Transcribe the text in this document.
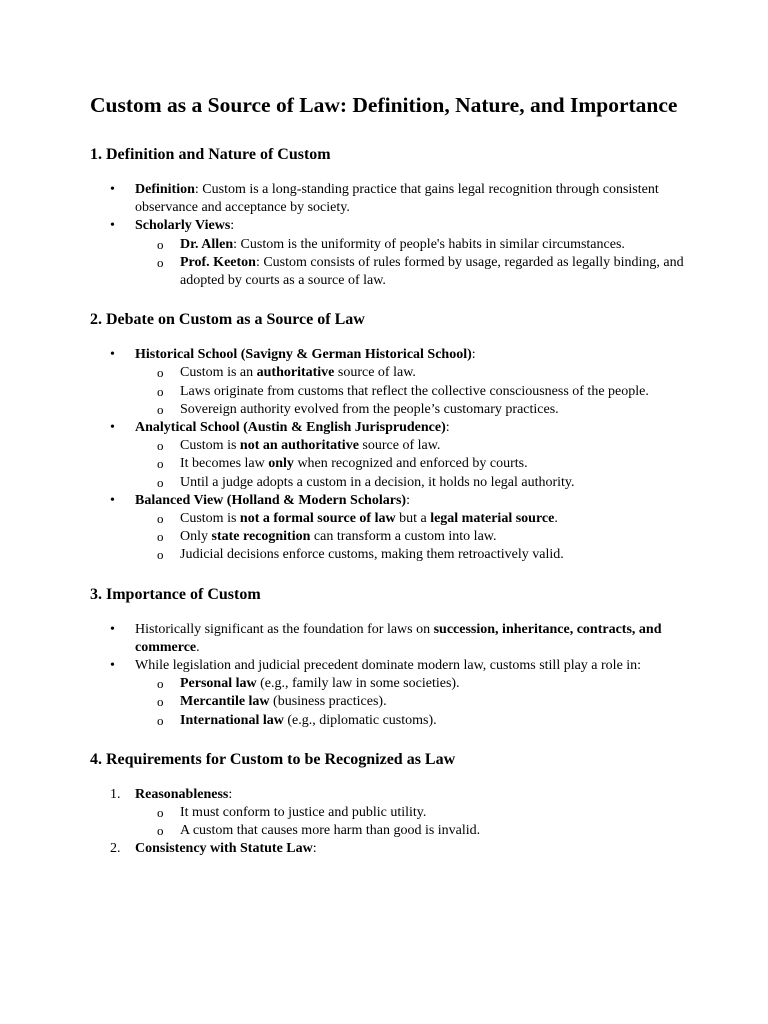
Custom as a Source of Law: Definition, Nature, and Importance
1. Definition and Nature of Custom
•	Definition: Custom is a long-standing practice that gains legal recognition through consistent observance and acceptance by society.
•	Scholarly Views:
o Dr. Allen: Custom is the uniformity of people's habits in similar circumstances.
o Prof. Keeton: Custom consists of rules formed by usage, regarded as legally binding, and adopted by courts as a source of law.
2. Debate on Custom as a Source of Law
•	Historical School (Savigny & German Historical School):
o Custom is an authoritative source of law.
o Laws originate from customs that reflect the collective consciousness of the people.
o Sovereign authority evolved from the people’s customary practices.
•	Analytical School (Austin & English Jurisprudence):
o Custom is not an authoritative source of law.
o It becomes law only when recognized and enforced by courts.
o Until a judge adopts a custom in a decision, it holds no legal authority.
•	Balanced View (Holland & Modern Scholars):
o Custom is not a formal source of law but a legal material source.
o Only state recognition can transform a custom into law.
o Judicial decisions enforce customs, making them retroactively valid.
3. Importance of Custom
•	Historically significant as the foundation for laws on succession, inheritance, contracts, and commerce.
•	While legislation and judicial precedent dominate modern law, customs still play a role in:
o Personal law (e.g., family law in some societies).
o Mercantile law (business practices).
o International law (e.g., diplomatic customs).
4. Requirements for Custom to be Recognized as Law
1. Reasonableness:
o It must conform to justice and public utility.
o A custom that causes more harm than good is invalid.
2. Consistency with Statute Law:
